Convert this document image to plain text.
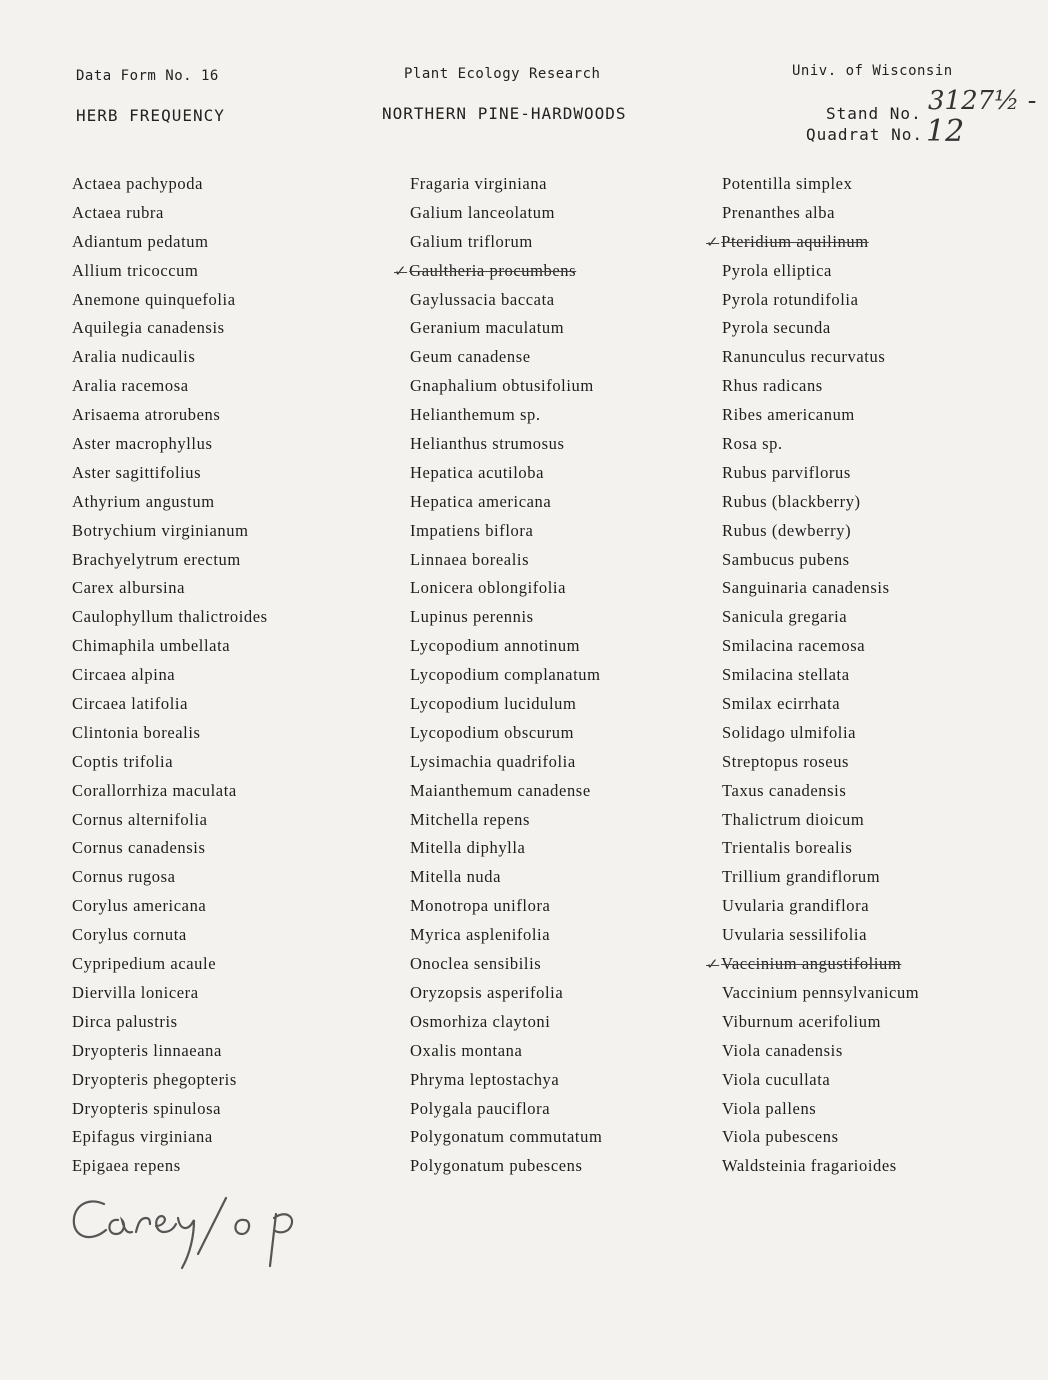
Data Form No. 16	Plant Ecology Research	Univ. of Wisconsin
HERB FREQUENCY	NORTHERN PINE-HARDWOODS	Stand No. 3127½ -
Quadrat No. 12
Actaea pachypoda
Actaea rubra
Adiantum pedatum
Allium tricoccum
Anemone quinquefolia
Aquilegia canadensis
Aralia nudicaulis
Aralia racemosa
Arisaema atrorubens
Aster macrophyllus
Aster sagittifolius
Athyrium angustum
Botrychium virginianum
Brachyelytrum erectum
Carex albursina
Caulophyllum thalictroides
Chimaphila umbellata
Circaea alpina
Circaea latifolia
Clintonia borealis
Coptis trifolia
Corallorrhiza maculata
Cornus alternifolia
Cornus canadensis
Cornus rugosa
Corylus americana
Corylus cornuta
Cypripedium acaule
Diervilla lonicera
Dirca palustris
Dryopteris linnaeana
Dryopteris phegopteris
Dryopteris spinulosa
Epifagus virginiana
Epigaea repens
Fragaria virginiana
Galium lanceolatum
Galium triflorum
✓ Gaultheria procumbens
Gaylussacia baccata
Geranium maculatum
Geum canadense
Gnaphalium obtusifolium
Helianthemum sp.
Helianthus strumosus
Hepatica acutiloba
Hepatica americana
Impatiens biflora
Linnaea borealis
Lonicera oblongifolia
Lupinus perennis
Lycopodium annotinum
Lycopodium complanatum
Lycopodium lucidulum
Lycopodium obscurum
Lysimachia quadrifolia
Maianthemum canadense
Mitchella repens
Mitella diphylla
Mitella nuda
Monotropa uniflora
Myrica asplenifolia
Onoclea sensibilis
Oryzopsis asperifolia
Osmorhiza claytoni
Oxalis montana
Phryma leptostachya
Polygala pauciflora
Polygonatum commutatum
Polygonatum pubescens
Potentilla simplex
Prenanthes alba
✓ Pteridium aquilinum
Pyrola elliptica
Pyrola rotundifolia
Pyrola secunda
Ranunculus recurvatus
Rhus radicans
Ribes americanum
Rosa sp.
Rubus parviflorus
Rubus (blackberry)
Rubus (dewberry)
Sambucus pubens
Sanguinaria canadensis
Sanicula gregaria
Smilacina racemosa
Smilacina stellata
Smilax ecirrhata
Solidago ulmifolia
Streptopus roseus
Taxus canadensis
Thalictrum dioicum
Trientalis borealis
Trillium grandiflorum
Uvularia grandiflora
Uvularia sessilifolia
✓ Vaccinium angustifolium
Vaccinium pennsylvanicum
Viburnum acerifolium
Viola canadensis
Viola cucullata
Viola pallens
Viola pubescens
Waldsteinia fragarioides
